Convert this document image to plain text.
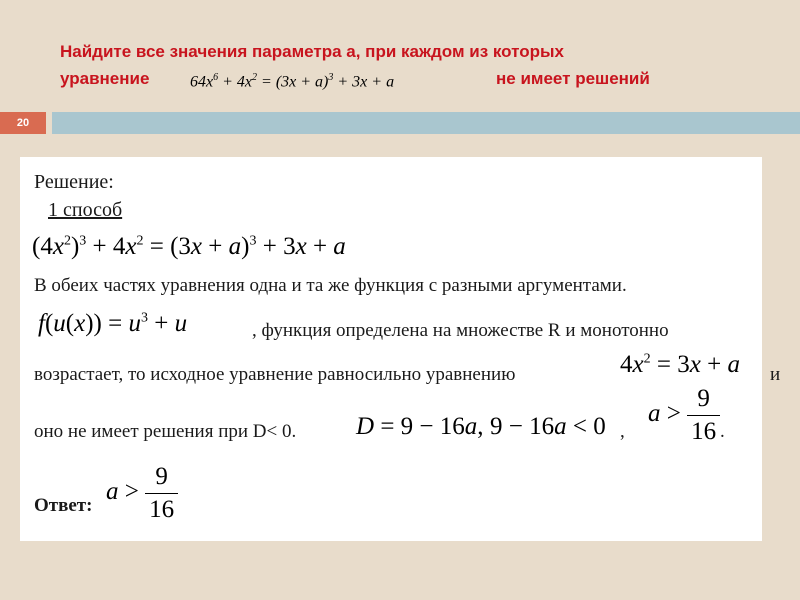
Найдите все значения параметра а, при каждом из которых
уравнение	$64x^6 + 4x^2 = (3x + a)^3 + 3x + a$	не имеет решений
20
Решение:
1 способ
$(4x^2)^3 + 4x^2 = (3x + a)^3 + 3x + a$
В обеих частях уравнения одна и та же функция с разными аргументами.
$f(u(x)) = u^3 + u$	, функция определена на множестве R и монотонно
возрастает, то исходное уравнение равносильно уравнению	$4x^2 = 3x + a$ и
оно не имеет решения при D< 0. D = 9 − 16a, 9 − 16a < 0 ,
$a > \frac{9}{16}$ .
Ответ:
$a > \frac{9}{16}$
